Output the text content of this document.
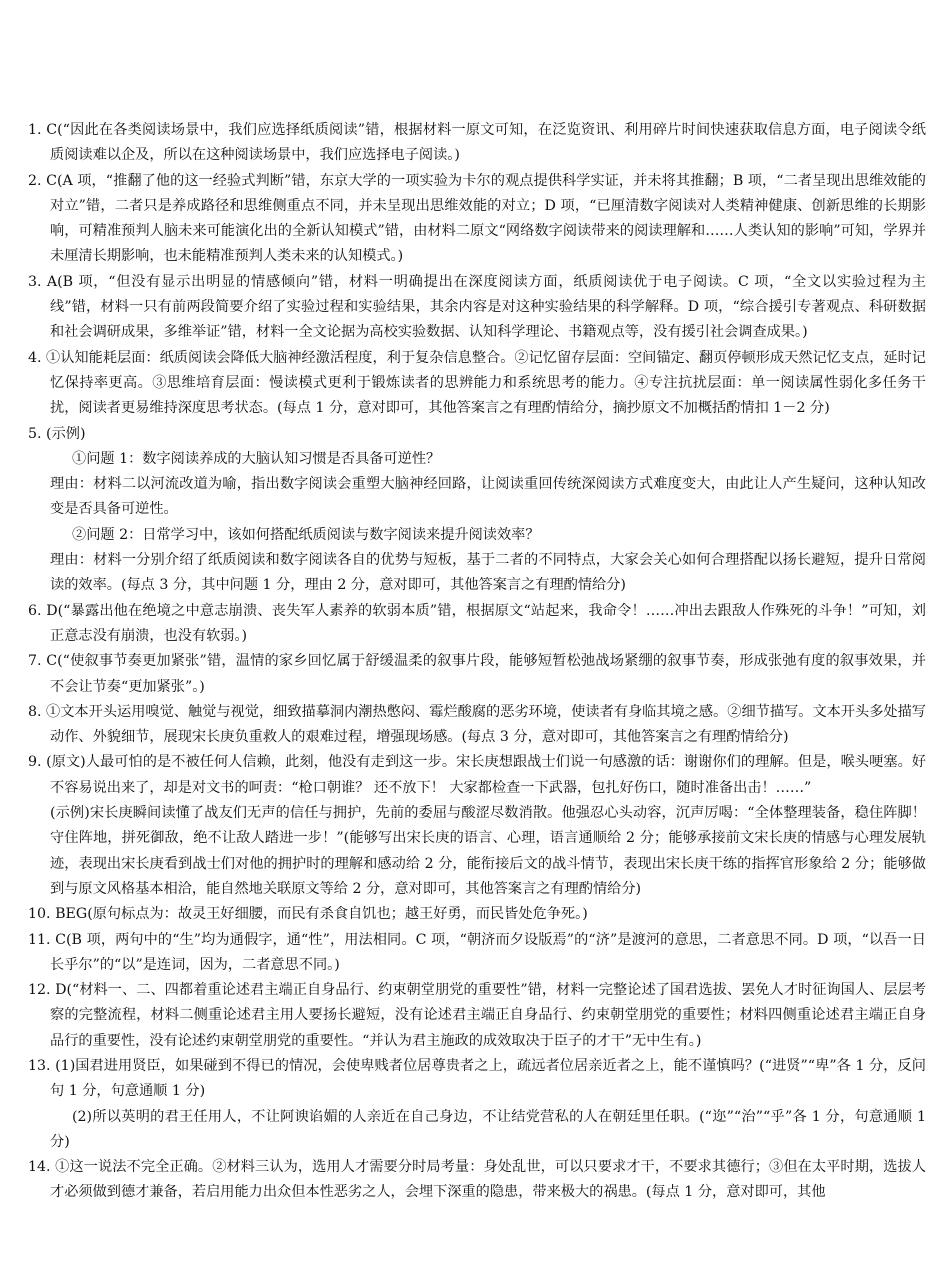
1. C(“因此在各类阅读场景中，我们应选择纸质阅读”错，根据材料一原文可知，在泛览资讯、利用碎片时间快速获取信息方面，电子阅读令纸质阅读难以企及，所以在这种阅读场景中，我们应选择电子阅读。)

2. C(A 项，“推翻了他的这一经验式判断”错，东京大学的一项实验为卡尔的观点提供科学实证，并未将其推翻；B 项，“二者呈现出思维效能的对立”错，二者只是养成路径和思维侧重点不同，并未呈现出思维效能的对立；D 项，“已厘清数字阅读对人类精神健康、创新思维的长期影响，可精准预判人脑未来可能演化出的全新认知模式”错，由材料二原文“网络数字阅读带来的阅读理解和……人类认知的影响”可知，学界并未厘清长期影响，也未能精准预判人类未来的认知模式。)

3. A(B 项，“但没有显示出明显的情感倾向”错，材料一明确提出在深度阅读方面，纸质阅读优于电子阅读。C 项，“全文以实验过程为主线”错，材料一只有前两段简要介绍了实验过程和实验结果，其余内容是对这种实验结果的科学解释。D 项，“综合援引专著观点、科研数据和社会调研成果，多维举证”错，材料一全文论据为高校实验数据、认知科学理论、书籍观点等，没有援引社会调查成果。)

4. ①认知能耗层面：纸质阅读会降低大脑神经激活程度，利于复杂信息整合。②记忆留存层面：空间锚定、翻页停顿形成天然记忆支点，延时记忆保持率更高。③思维培育层面：慢读模式更利于锻炼读者的思辨能力和系统思考的能力。④专注抗扰层面：单一阅读属性弱化多任务干扰，阅读者更易维持深度思考状态。(每点 1 分，意对即可，其他答案言之有理酌情给分，摘抄原文不加概括酌情扣 1－2 分)

5. (示例)

①问题 1：数字阅读养成的大脑认知习惯是否具备可逆性？

理由：材料二以河流改道为喻，指出数字阅读会重塑大脑神经回路，让阅读重回传统深阅读方式难度变大，由此让人产生疑问，这种认知改变是否具备可逆性。

②问题 2：日常学习中，该如何搭配纸质阅读与数字阅读来提升阅读效率？

理由：材料一分别介绍了纸质阅读和数字阅读各自的优势与短板，基于二者的不同特点，大家会关心如何合理搭配以扬长避短，提升日常阅读的效率。(每点 3 分，其中问题 1 分，理由 2 分，意对即可，其他答案言之有理酌情给分)

6. D(“暴露出他在绝境之中意志崩溃、丧失军人素养的软弱本质”错，根据原文“站起来，我命令！……冲出去跟敌人作殊死的斗争！”可知，刘正意志没有崩溃，也没有软弱。)

7. C(“使叙事节奏更加紧张”错，温情的家乡回忆属于舒缓温柔的叙事片段，能够短暂松弛战场紧绷的叙事节奏，形成张弛有度的叙事效果，并不会让节奏“更加紧张”。)

8. ①文本开头运用嗅觉、触觉与视觉，细致描摹洞内潮热憋闷、霉烂酸腐的恶劣环境，使读者有身临其境之感。②细节描写。文本开头多处描写动作、外貌细节，展现宋长庚负重救人的艰难过程，增强现场感。(每点 3 分，意对即可，其他答案言之有理酌情给分)

9. (原文)人最可怕的是不被任何人信赖，此刻，他没有走到这一步。宋长庚想跟战士们说一句感激的话：谢谢你们的理解。但是，喉头哽塞。好不容易说出来了，却是对文书的呵责：“枪口朝谁？ 还不放下！ 大家都检查一下武器，包扎好伤口，随时准备出击！……”

(示例)宋长庚瞬间读懂了战友们无声的信任与拥护，先前的委屈与酸涩尽数消散。他强忍心头动容，沉声厉喝：“全体整理装备，稳住阵脚！守住阵地，拼死御敌，绝不让敌人踏进一步！”(能够写出宋长庚的语言、心理，语言通顺给 2 分；能够承接前文宋长庚的情感与心理发展轨迹，表现出宋长庚看到战士们对他的拥护时的理解和感动给 2 分，能衔接后文的战斗情节，表现出宋长庚干练的指挥官形象给 2 分；能够做到与原文风格基本相洽，能自然地关联原文等给 2 分，意对即可，其他答案言之有理酌情给分)

10. BEG(原句标点为：故灵王好细腰，而民有杀食自饥也；越王好勇，而民皆处危争死。)

11. C(B 项，两句中的“生”均为通假字，通“性”，用法相同。C 项，“朝济而夕设版焉”的“济”是渡河的意思，二者意思不同。D 项，“以吾一日长乎尔”的“以”是连词，因为，二者意思不同。)

12. D(“材料一、二、四都着重论述君主端正自身品行、约束朝堂朋党的重要性”错，材料一完整论述了国君选拔、罢免人才时征询国人、层层考察的完整流程，材料二侧重论述君主用人要扬长避短，没有论述君主端正自身品行、约束朝堂朋党的重要性；材料四侧重论述君主端正自身品行的重要性，没有论述约束朝堂朋党的重要性。“并认为君主施政的成效取决于臣子的才干”无中生有。)

13. (1)国君进用贤臣，如果碰到不得已的情况，会使卑贱者位居尊贵者之上，疏远者位居亲近者之上，能不谨慎吗？(“进贤”“卑”各 1 分，反问句 1 分，句意通顺 1 分)

(2)所以英明的君王任用人，不让阿谀谄媚的人亲近在自己身边，不让结党营私的人在朝廷里任职。(“迩”“治”“乎”各 1 分，句意通顺 1 分)

14. ①这一说法不完全正确。②材料三认为，选用人才需要分时局考量：身处乱世，可以只要求才干，不要求其德行；③但在太平时期，选拔人才必须做到德才兼备，若启用能力出众但本性恶劣之人，会埋下深重的隐患，带来极大的祸患。(每点 1 分，意对即可，其他
